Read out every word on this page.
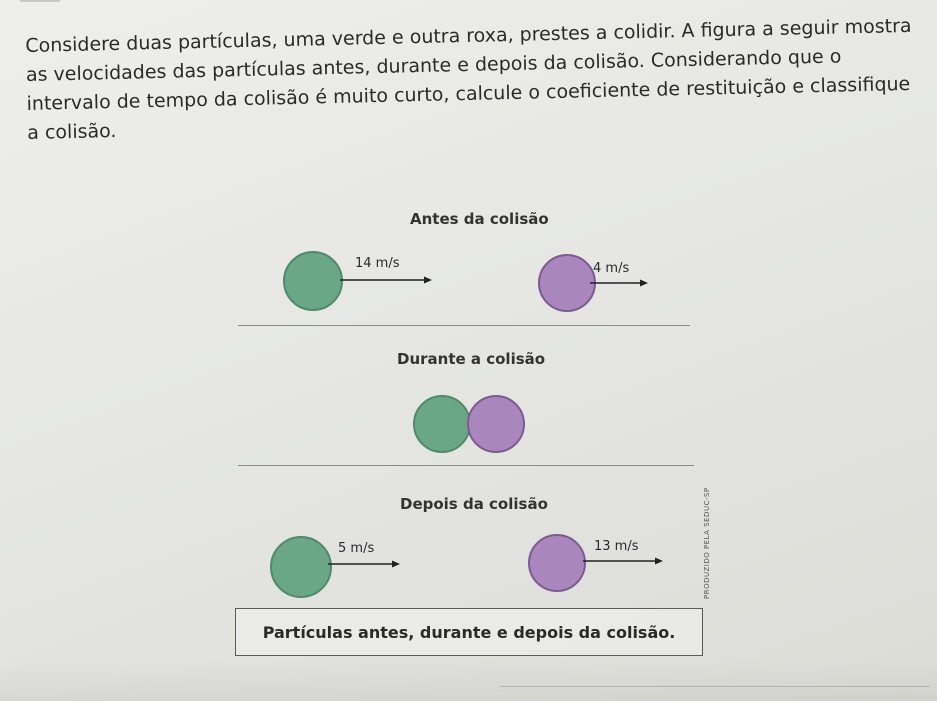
Considere duas partículas, uma verde e outra roxa, prestes a colidir. A figura a seguir mostra as velocidades das partículas antes, durante e depois da colisão. Considerando que o intervalo de tempo da colisão é muito curto, calcule o coeficiente de restituição e classifique a colisão.
Antes da colisão
14 m/s	4 m/s
Durante a colisão
Depois da colisão
5 m/s	13 m/s	PRODUZIDO PELA SEDUC-SP
Partículas antes, durante e depois da colisão.
